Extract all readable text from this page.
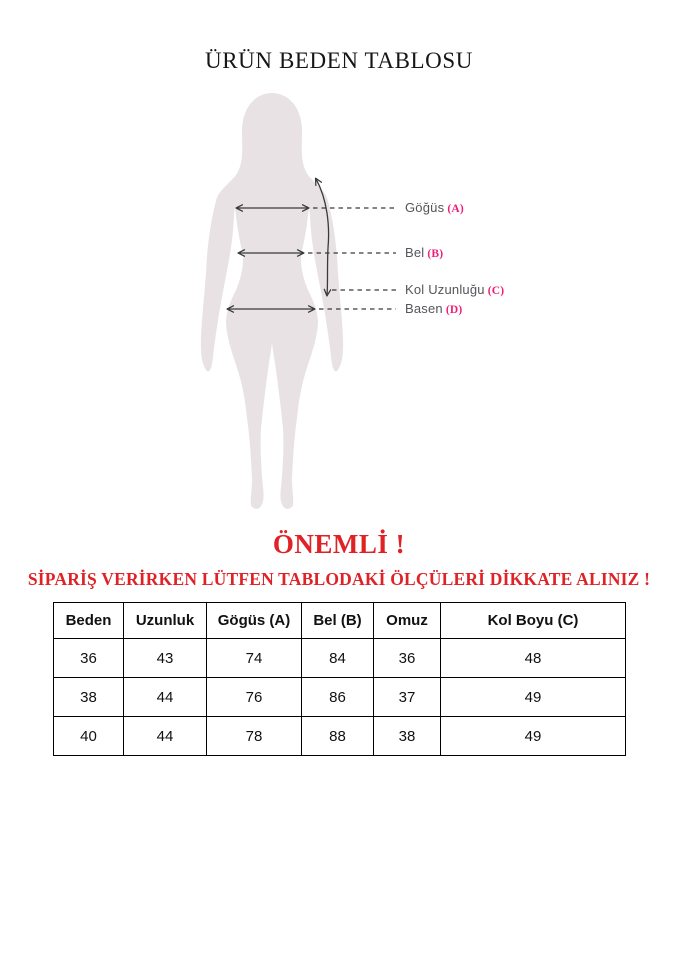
ÜRÜN BEDEN TABLOSU
Göğüs (A)
Bel (B)
Kol Uzunluğu (C)
Basen (D)
ÖNEMLİ !
SİPARİŞ VERİRKEN LÜTFEN TABLODAKİ ÖLÇÜLERİ DİKKATE ALINIZ !
Beden	Uzunluk	Gögüs (A)	Bel (B)	Omuz	Kol Boyu (C)
36	43	74	84	36	48
38	44	76	86	37	49
40	44	78	88	38	49
